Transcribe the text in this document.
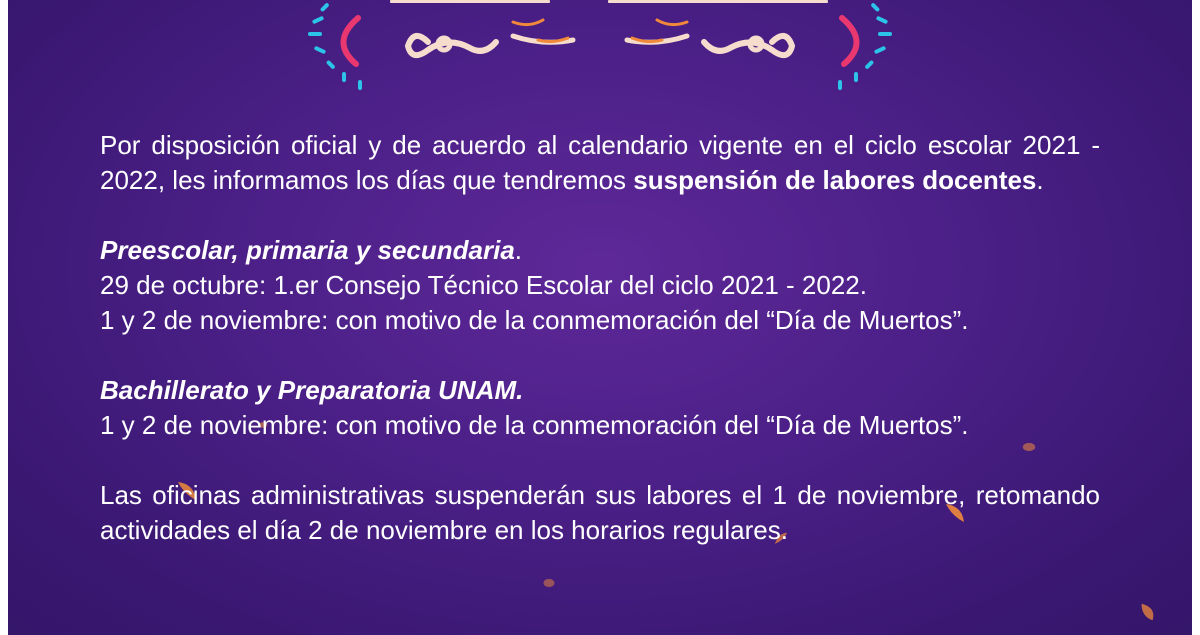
Por disposición oficial y de acuerdo al calendario vigente en el ciclo escolar 2021 - 2022, les informamos los días que tendremos suspensión de labores docentes.

Preescolar, primaria y secundaria.
29 de octubre: 1.er Consejo Técnico Escolar del ciclo 2021 - 2022.
1 y 2 de noviembre: con motivo de la conmemoración del “Día de Muertos”.
Bachillerato y Preparatoria UNAM.
1 y 2 de noviembre: con motivo de la conmemoración del “Día de Muertos”.

Las oficinas administrativas suspenderán sus labores el 1 de noviembre, retomando actividades el día 2 de noviembre en los horarios regulares.
